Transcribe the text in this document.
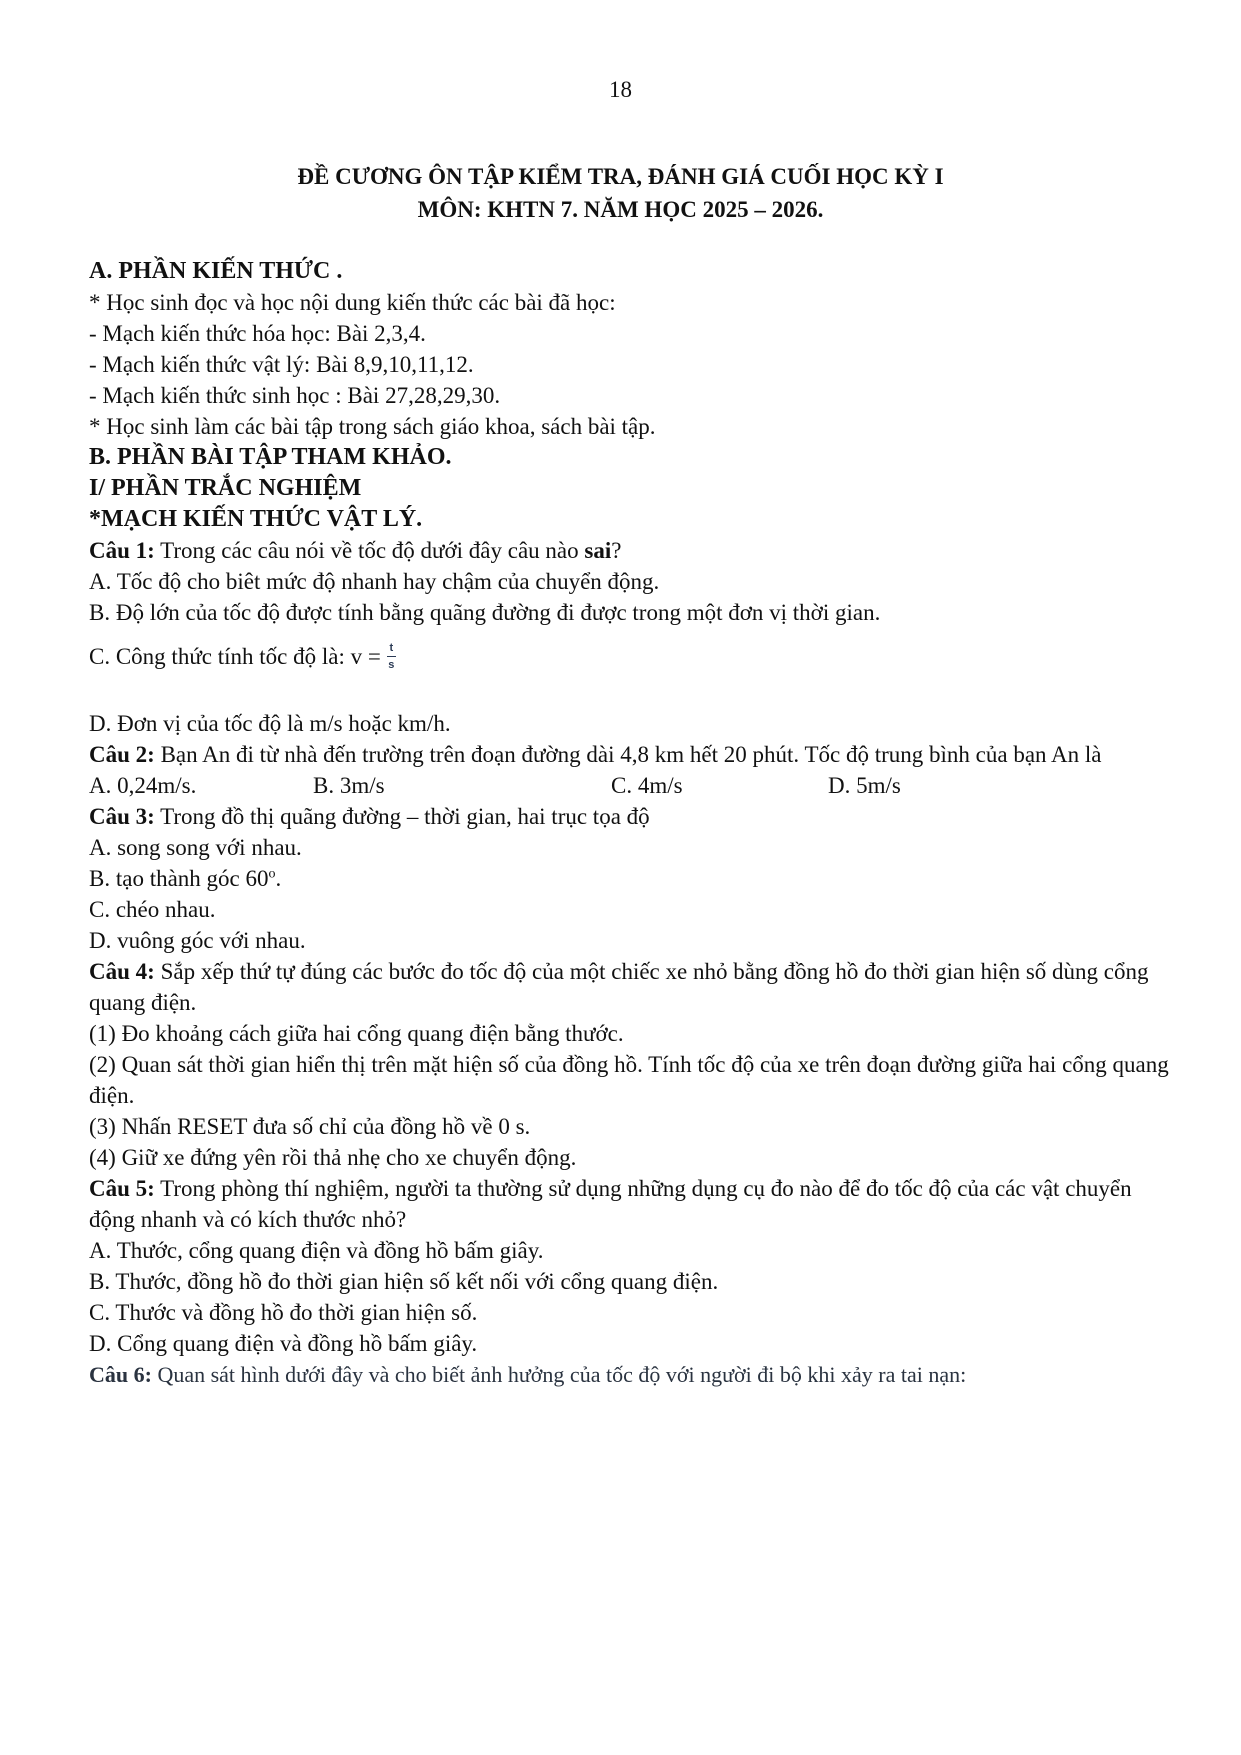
18
ĐỀ CƯƠNG ÔN TẬP KIỂM TRA, ĐÁNH GIÁ CUỐI HỌC KỲ I
MÔN: KHTN 7. NĂM HỌC 2025 – 2026.
A. PHẦN KIẾN THỨC .
* Học sinh đọc và học nội dung kiến thức các bài đã học:
- Mạch kiến thức hóa học: Bài 2,3,4.
- Mạch kiến thức vật lý: Bài 8,9,10,11,12.
- Mạch kiến thức sinh học : Bài 27,28,29,30.
* Học sinh làm các bài tập trong sách giáo khoa, sách bài tập.
B. PHẦN BÀI TẬP THAM KHẢO.
I/ PHẦN TRẮC NGHIỆM
*MẠCH KIẾN THỨC VẬT LÝ.
Câu 1: Trong các câu nói về tốc độ dưới đây câu nào sai?
A. Tốc độ cho biêt mức độ nhanh hay chậm của chuyển động.
B. Độ lớn của tốc độ được tính bằng quãng đường đi được trong một đơn vị thời gian.
C. Công thức tính tốc độ là: $v = \frac{t}{s}$
D. Đơn vị của tốc độ là m/s hoặc km/h.
Câu 2: Bạn An đi từ nhà đến trường trên đoạn đường dài 4,8 km hết 20 phút. Tốc độ trung bình của bạn An là
A. 0,24m/s.	B. 3m/s	C. 4m/s	D. 5m/s
Câu 3: Trong đồ thị quãng đường – thời gian, hai trục tọa độ
A. song song với nhau.
B. tạo thành góc 60$^o$.
C. chéo nhau.
D. vuông góc với nhau.
Câu 4: Sắp xếp thứ tự đúng các bước đo tốc độ của một chiếc xe nhỏ bằng đồng hồ đo thời gian hiện số dùng cổng quang điện.
(1) Đo khoảng cách giữa hai cổng quang điện bằng thước.
(2) Quan sát thời gian hiển thị trên mặt hiện số của đồng hồ. Tính tốc độ của xe trên đoạn đường giữa hai cổng quang điện.
(3) Nhấn RESET đưa số chỉ của đồng hồ về 0 s.
(4) Giữ xe đứng yên rồi thả nhẹ cho xe chuyển động.
Câu 5: Trong phòng thí nghiệm, người ta thường sử dụng những dụng cụ đo nào để đo tốc độ của các vật chuyển động nhanh và có kích thước nhỏ?
A. Thước, cổng quang điện và đồng hồ bấm giây.
B. Thước, đồng hồ đo thời gian hiện số kết nối với cổng quang điện.
C. Thước và đồng hồ đo thời gian hiện số.
D. Cổng quang điện và đồng hồ bấm giây.
Câu 6: Quan sát hình dưới đây và cho biết ảnh hưởng của tốc độ với người đi bộ khi xảy ra tai nạn:
